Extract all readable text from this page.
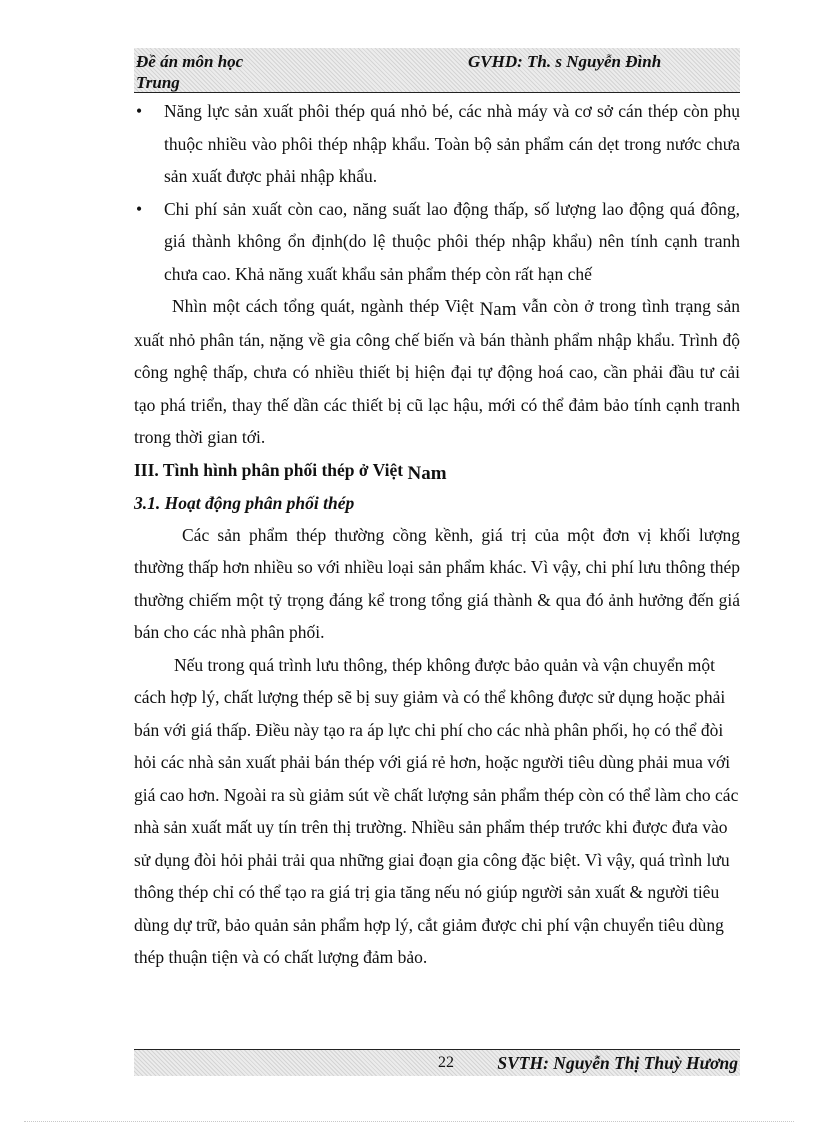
Đề án môn học Trung
GVHD: Th. s Nguyễn Đình

• Năng lực sản xuất phôi thép quá nhỏ bé, các nhà máy và cơ sở cán thép còn phụ thuộc nhiều vào phôi thép nhập khẩu. Toàn bộ sản phẩm cán dẹt trong nước chưa sản xuất được phải nhập khẩu.

• Chi phí sản xuất còn cao, năng suất lao động thấp, số lượng lao động quá đông, giá thành không ổn định(do lệ thuộc phôi thép nhập khẩu) nên tính cạnh tranh chưa cao. Khả năng xuất khẩu sản phẩm thép còn rất hạn chế

Nhìn một cách tổng quát, ngành thép Việt Nam vẫn còn ở trong tình trạng sản xuất nhỏ phân tán, nặng về gia công chế biến và bán thành phẩm nhập khẩu. Trình độ công nghệ thấp, chưa có nhiều thiết bị hiện đại tự động hoá cao, cần phải đầu tư cải tạo phá triển, thay thế dần các thiết bị cũ lạc hậu, mới có thể đảm bảo tính cạnh tranh trong thời gian tới.

III. Tình hình phân phối thép ở Việt Nam

3.1. Hoạt động phân phối thép

Các sản phẩm thép thường cồng kềnh, giá trị của một đơn vị khối lượng thường thấp hơn nhiều so với nhiều loại sản phẩm khác. Vì vậy, chi phí lưu thông thép thường chiếm một tỷ trọng đáng kể trong tổng giá thành & qua đó ảnh hưởng đến giá bán cho các nhà phân phối.

Nếu trong quá trình lưu thông, thép không được bảo quản và vận chuyển một cách hợp lý, chất lượng thép sẽ bị suy giảm và có thể không được sử dụng hoặc phải bán với giá thấp. Điều này tạo ra áp lực chi phí cho các nhà phân phối, họ có thể đòi hỏi các nhà sản xuất phải bán thép với giá rẻ hơn, hoặc người tiêu dùng phải mua với giá cao hơn. Ngoài ra sù giảm sút về chất lượng sản phẩm thép còn có thể làm cho các nhà sản xuất mất uy tín trên thị trường. Nhiều sản phẩm thép trước khi được đưa vào sử dụng đòi hỏi phải trải qua những giai đoạn gia công đặc biệt. Vì vậy, quá trình lưu thông thép chỉ có thể tạo ra giá trị gia tăng nếu nó giúp người sản xuất & người tiêu dùng dự trữ, bảo quản sản phẩm hợp lý, cắt giảm được chi phí vận chuyển tiêu dùng thép thuận tiện và có chất lượng đảm bảo.

22 SVTH: Nguyễn Thị Thuỳ Hương
